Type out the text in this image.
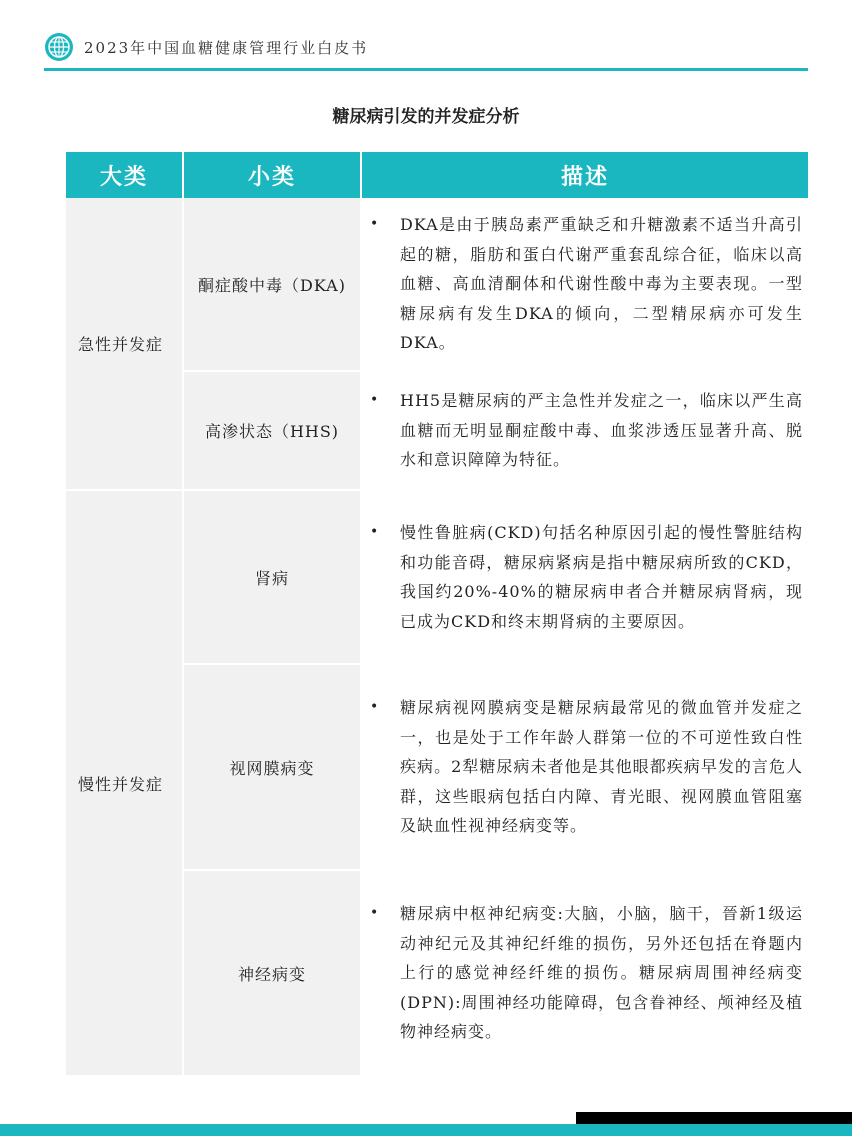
2023年中国血糖健康管理行业白皮书
糖尿病引发的并发症分析
大类	小类	描述
急性并发症	酮症酸中毒（DKA)	• DKA是由于胰岛素严重缺乏和升糖激素不适当升高引起的糖，脂肪和蛋白代谢严重套乱综合征，临床以高血糖、高血清酮体和代谢性酸中毒为主要表现。一型糖尿病有发生DKA的倾向，二型精尿病亦可发生DKA。

	高渗状态（HHS)	• HH5是糖尿病的严主急性并发症之一，临床以严生高血糖而无明显酮症酸中毒、血浆涉透压显著升高、脱水和意识障障为特征。

慢性并发症	肾病	• 慢性鲁脏病(CKD)句括名种原因引起的慢性警脏结构和功能音碍，糖尿病紧病是指中糖尿病所致的CKD，我国约20%-40%的糖尿病申者合并糖尿病肾病，现已成为CKD和终末期肾病的主要原因。

	视网膜病变	• 糖尿病视网膜病变是糖尿病最常见的微血管并发症之一，也是处于工作年龄人群第一位的不可逆性致白性疾病。2犁糖尿病未者他是其他眼都疾病早发的言危人群，这些眼病包括白内障、青光眼、视网膜血管阻塞及缺血性视神经病变等。

	神经病变	• 糖尿病中枢神纪病变:大脑，小脑，脑干，晉新1级运动神纪元及其神纪纤维的损伤，另外还包括在脊题内上行的感觉神经纤维的损伤。糖尿病周围神经病变(DPN):周围神经功能障碍，包含眷神经、颅神经及植物神经病变。
